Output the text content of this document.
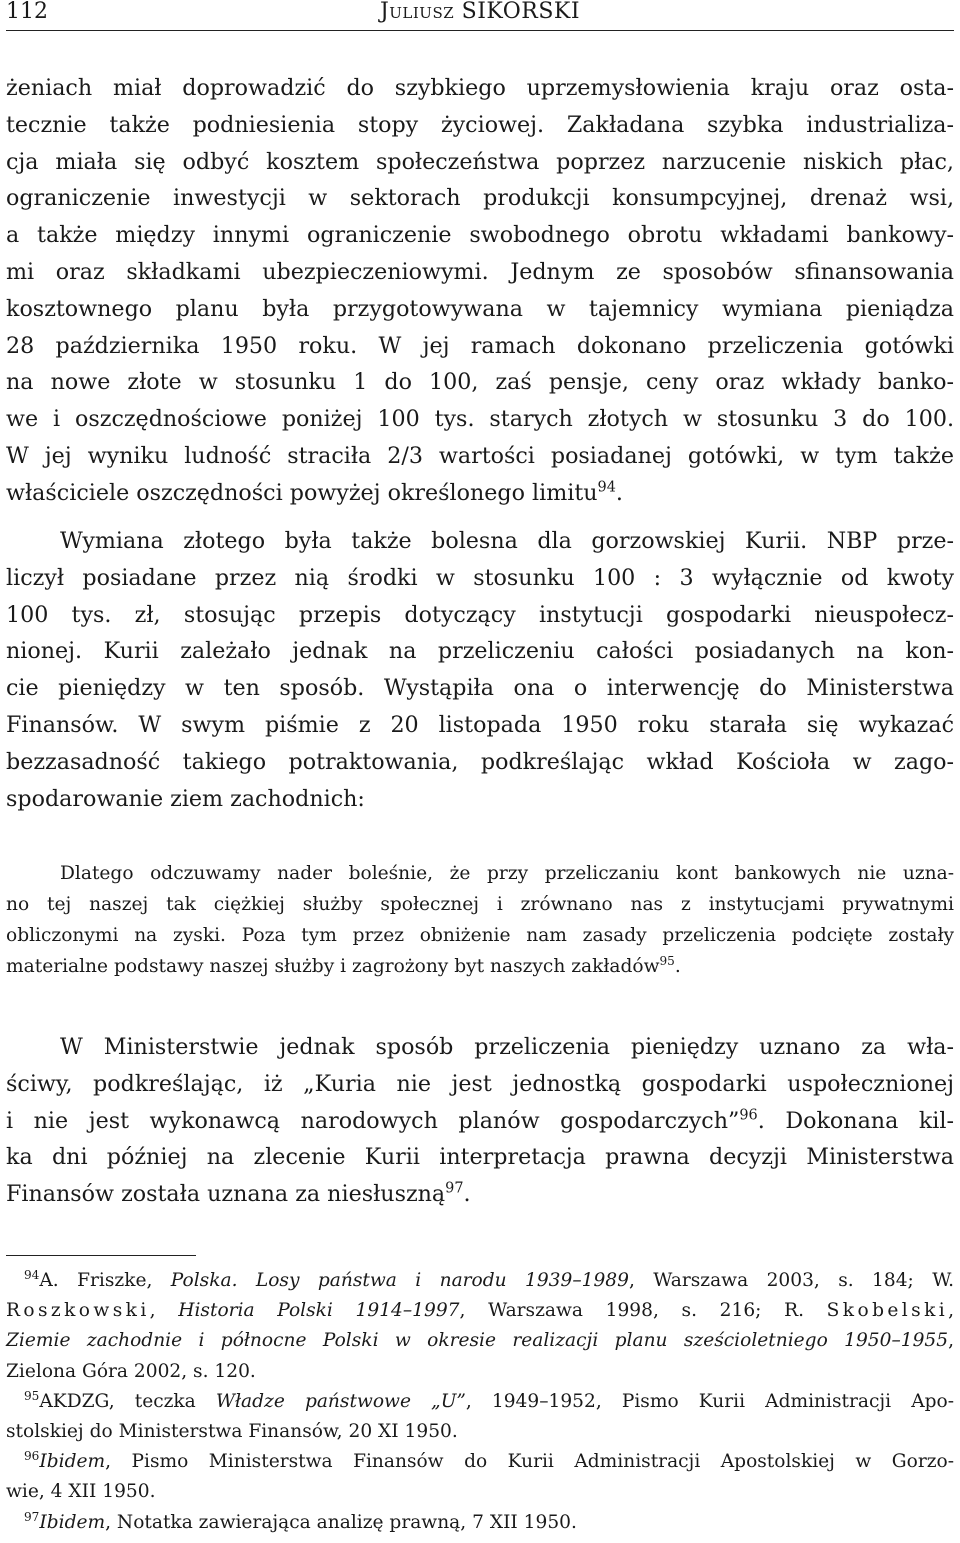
112	Juliusz SIKORSKI
żeniach miał doprowadzić do szybkiego uprzemysłowienia kraju oraz osta-
tecznie także podniesienia stopy życiowej. Zakładana szybka industrializa-
cja miała się odbyć kosztem społeczeństwa poprzez narzucenie niskich płac,
ograniczenie inwestycji w sektorach produkcji konsumpcyjnej, drenaż wsi,
a także między innymi ograniczenie swobodnego obrotu wkładami bankowy-
mi oraz składkami ubezpieczeniowymi. Jednym ze sposobów sfinansowania
kosztownego planu była przygotowywana w tajemnicy wymiana pieniądza
28 października 1950 roku. W jej ramach dokonano przeliczenia gotówki
na nowe złote w stosunku 1 do 100, zaś pensje, ceny oraz wkłady banko-
we i oszczędnościowe poniżej 100 tys. starych złotych w stosunku 3 do 100.
W jej wyniku ludność straciła 2/3 wartości posiadanej gotówki, w tym także
właściciele oszczędności powyżej określonego limitu$^{94}$.
Wymiana złotego była także bolesna dla gorzowskiej Kurii. NBP prze-
liczył posiadane przez nią środki w stosunku 100 : 3 wyłącznie od kwoty
100 tys. zł, stosując przepis dotyczący instytucji gospodarki nieuspołecz-
nionej. Kurii zależało jednak na przeliczeniu całości posiadanych na kon-
cie pieniędzy w ten sposób. Wystąpiła ona o interwencję do Ministerstwa
Finansów. W swym piśmie z 20 listopada 1950 roku starała się wykazać
bezzasadność takiego potraktowania, podkreślając wkład Kościoła w zago-
spodarowanie ziem zachodnich:
Dlatego odczuwamy nader boleśnie, że przy przeliczaniu kont bankowych nie uzna-
no tej naszej tak ciężkiej służby społecznej i zrównano nas z instytucjami prywatnymi
obliczonymi na zyski. Poza tym przez obniżenie nam zasady przeliczenia podcięte zostały
materialne podstawy naszej służby i zagrożony byt naszych zakładów$^{95}$.
W Ministerstwie jednak sposób przeliczenia pieniędzy uznano za wła-
ściwy, podkreślając, iż „Kuria nie jest jednostką gospodarki uspołecznionej
i nie jest wykonawcą narodowych planów gospodarczych”$^{96}$. Dokonana kil-
ka dni później na zlecenie Kurii interpretacja prawna decyzji Ministerstwa
Finansów została uznana za niesłuszną$^{97}$.
$^{94}$A. Friszke, Polska. Losy państwa i narodu 1939–1989, Warszawa 2003, s. 184; W.
Roszkowski, Historia Polski 1914–1997, Warszawa 1998, s. 216; R. Skobelski,
Ziemie zachodnie i północne Polski w okresie realizacji planu sześcioletniego 1950–1955,
Zielona Góra 2002, s. 120.
$^{95}$AKDZG, teczka Władze państwowe „U”, 1949–1952, Pismo Kurii Administracji Apo-
stolskiej do Ministerstwa Finansów, 20 XI 1950.
$^{96}$Ibidem, Pismo Ministerstwa Finansów do Kurii Administracji Apostolskiej w Gorzo-
wie, 4 XII 1950.
$^{97}$Ibidem, Notatka zawierająca analizę prawną, 7 XII 1950.
